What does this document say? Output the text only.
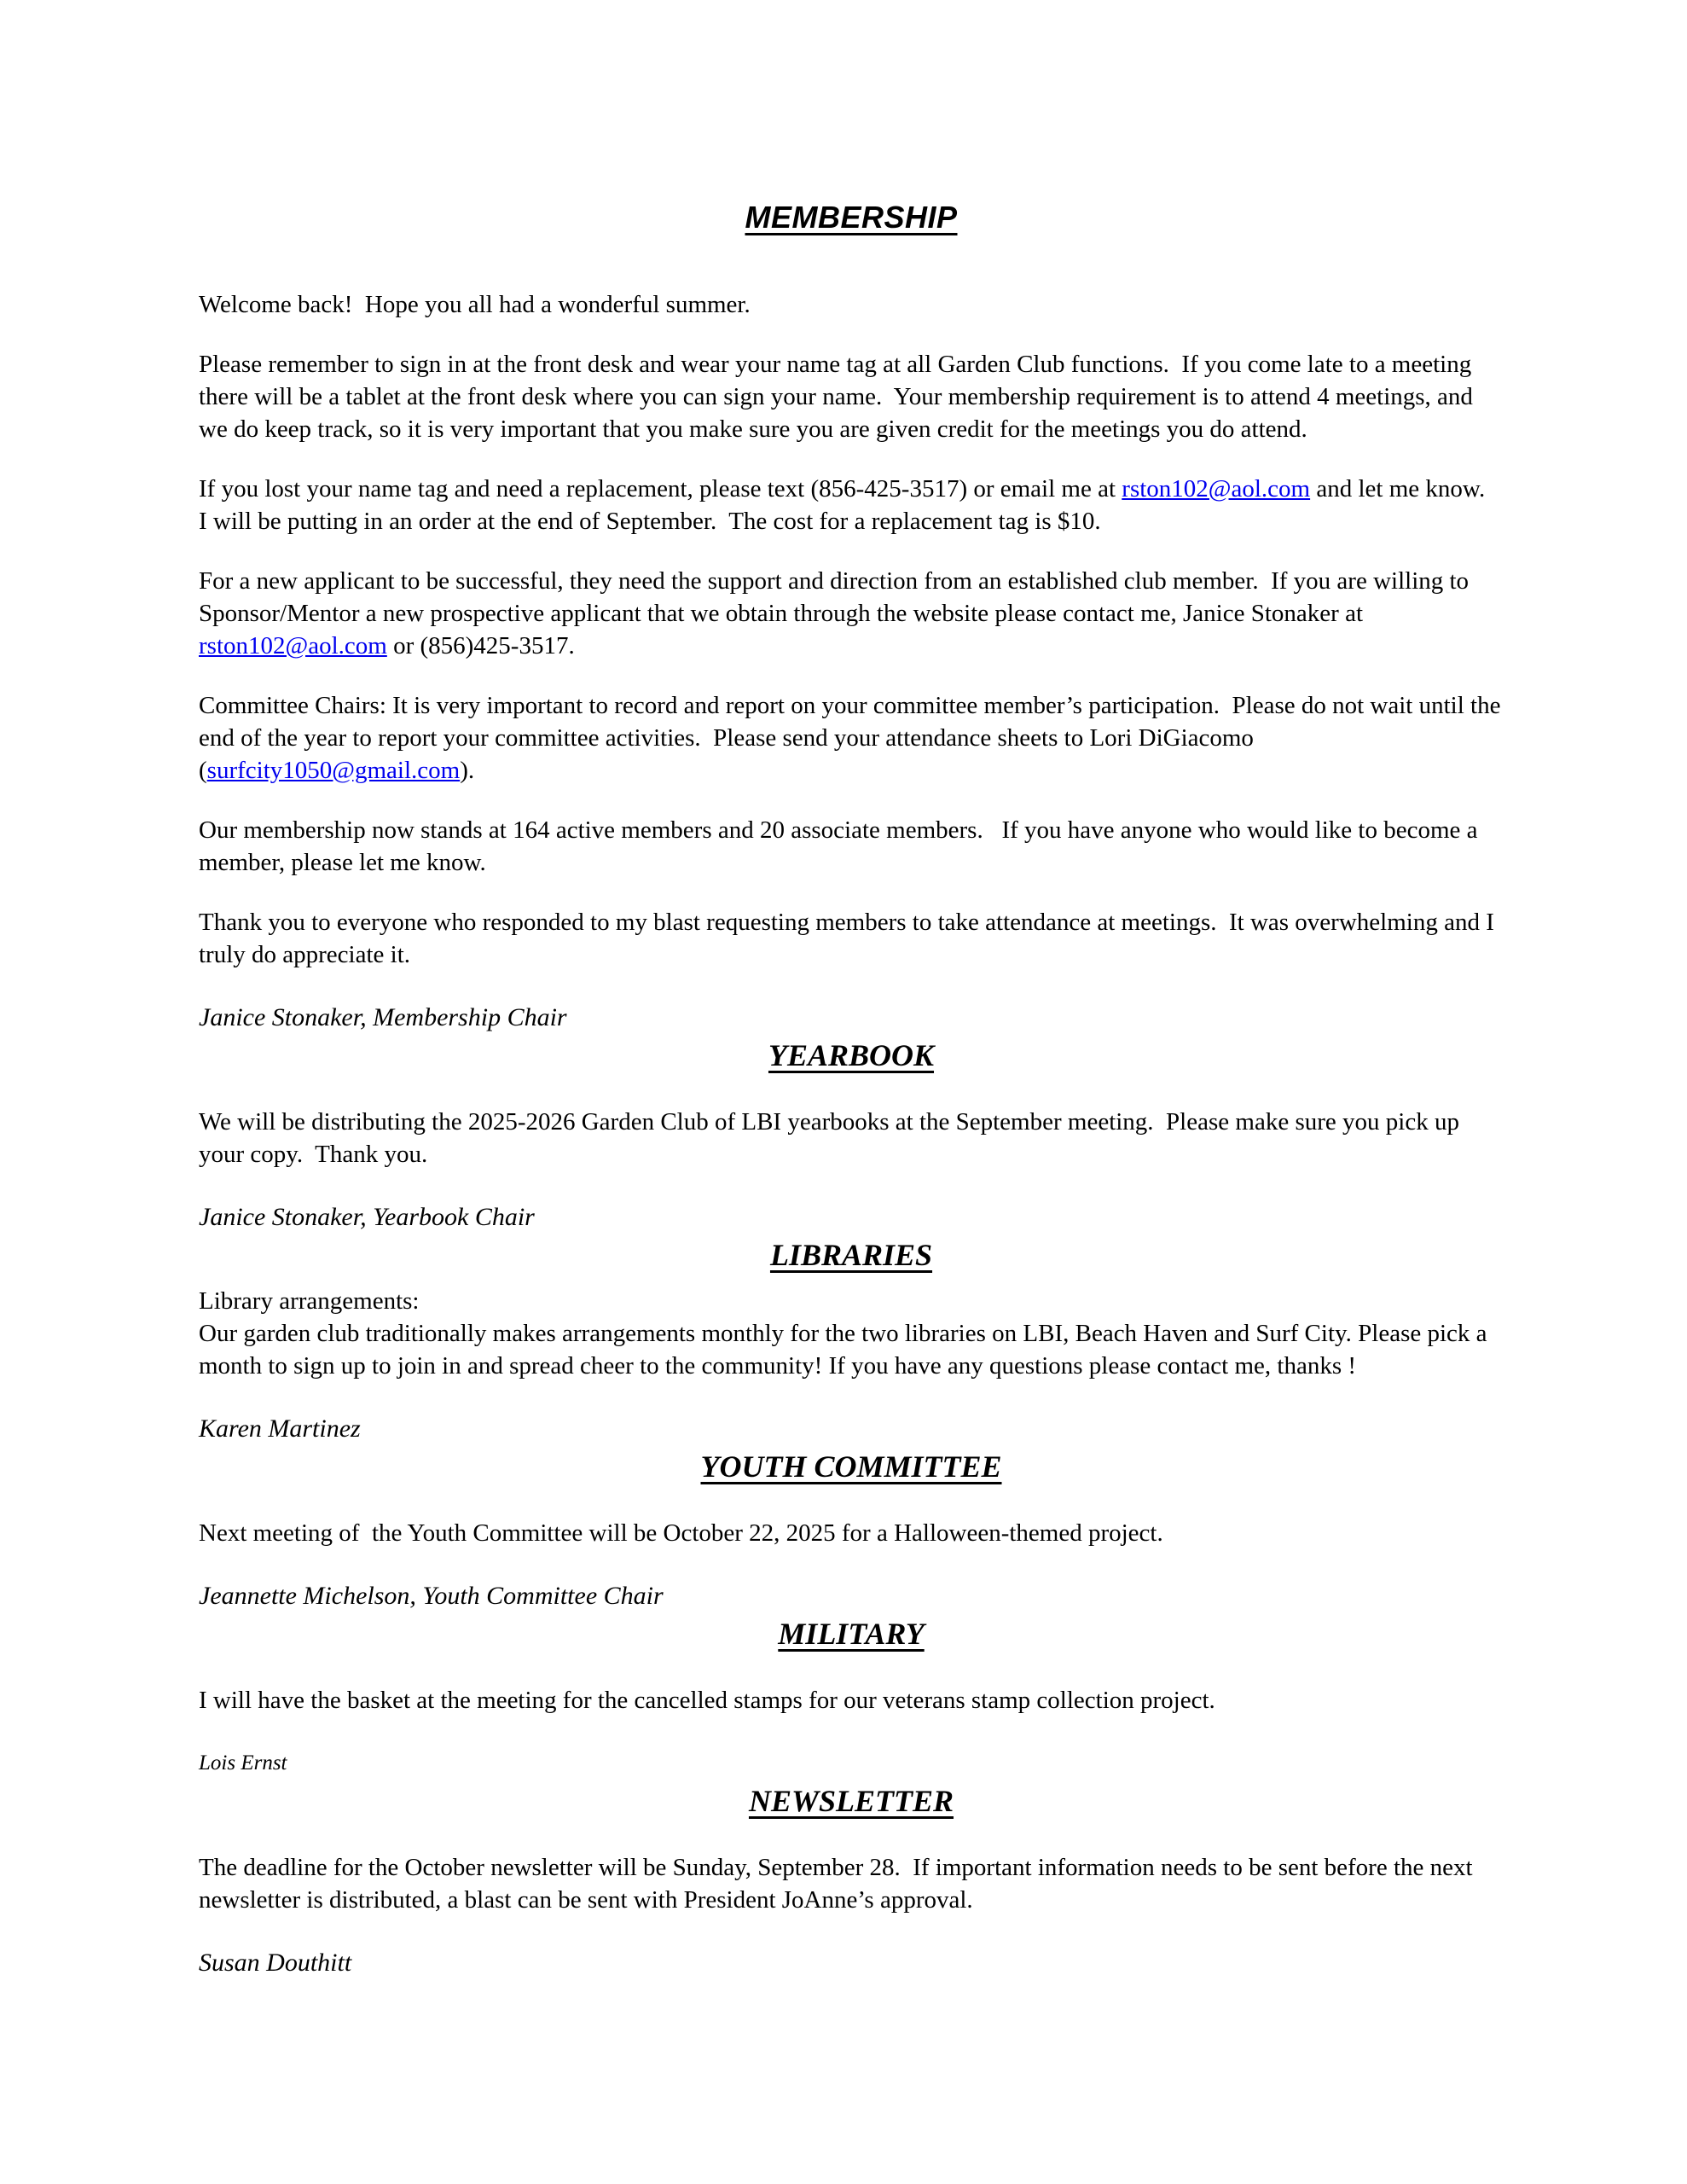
MEMBERSHIP

Welcome back!  Hope you all had a wonderful summer.

Please remember to sign in at the front desk and wear your name tag at all Garden Club functions.  If you come late to a meeting there will be a tablet at the front desk where you can sign your name.  Your membership requirement is to attend 4 meetings, and we do keep track, so it is very important that you make sure you are given credit for the meetings you do attend.

If you lost your name tag and need a replacement, please text (856-425-3517) or email me at rston102@aol.com and let me know.  I will be putting in an order at the end of September.  The cost for a replacement tag is $10.

For a new applicant to be successful, they need the support and direction from an established club member.  If you are willing to Sponsor/Mentor a new prospective applicant that we obtain through the website please contact me, Janice Stonaker at rston102@aol.com or (856)425-3517.

Committee Chairs: It is very important to record and report on your committee member’s participation.  Please do not wait until the end of the year to report your committee activities.  Please send your attendance sheets to Lori DiGiacomo (surfcity1050@gmail.com).

Our membership now stands at 164 active members and 20 associate members.   If you have anyone who would like to become a member, please let me know.

Thank you to everyone who responded to my blast requesting members to take attendance at meetings.  It was overwhelming and I truly do appreciate it.

Janice Stonaker, Membership Chair

YEARBOOK

We will be distributing the 2025-2026 Garden Club of LBI yearbooks at the September meeting.  Please make sure you pick up your copy.  Thank you.

Janice Stonaker, Yearbook Chair

LIBRARIES

Library arrangements:

Our garden club traditionally makes arrangements monthly for the two libraries on LBI, Beach Haven and Surf City. Please pick a month to sign up to join in and spread cheer to the community! If you have any questions please contact me, thanks !

Karen Martinez

YOUTH COMMITTEE

Next meeting of  the Youth Committee will be October 22, 2025 for a Halloween-themed project.

Jeannette Michelson, Youth Committee Chair

MILITARY

I will have the basket at the meeting for the cancelled stamps for our veterans stamp collection project.

Lois Ernst

NEWSLETTER

The deadline for the October newsletter will be Sunday, September 28.  If important information needs to be sent before the next newsletter is distributed, a blast can be sent with President JoAnne’s approval.

Susan Douthitt
